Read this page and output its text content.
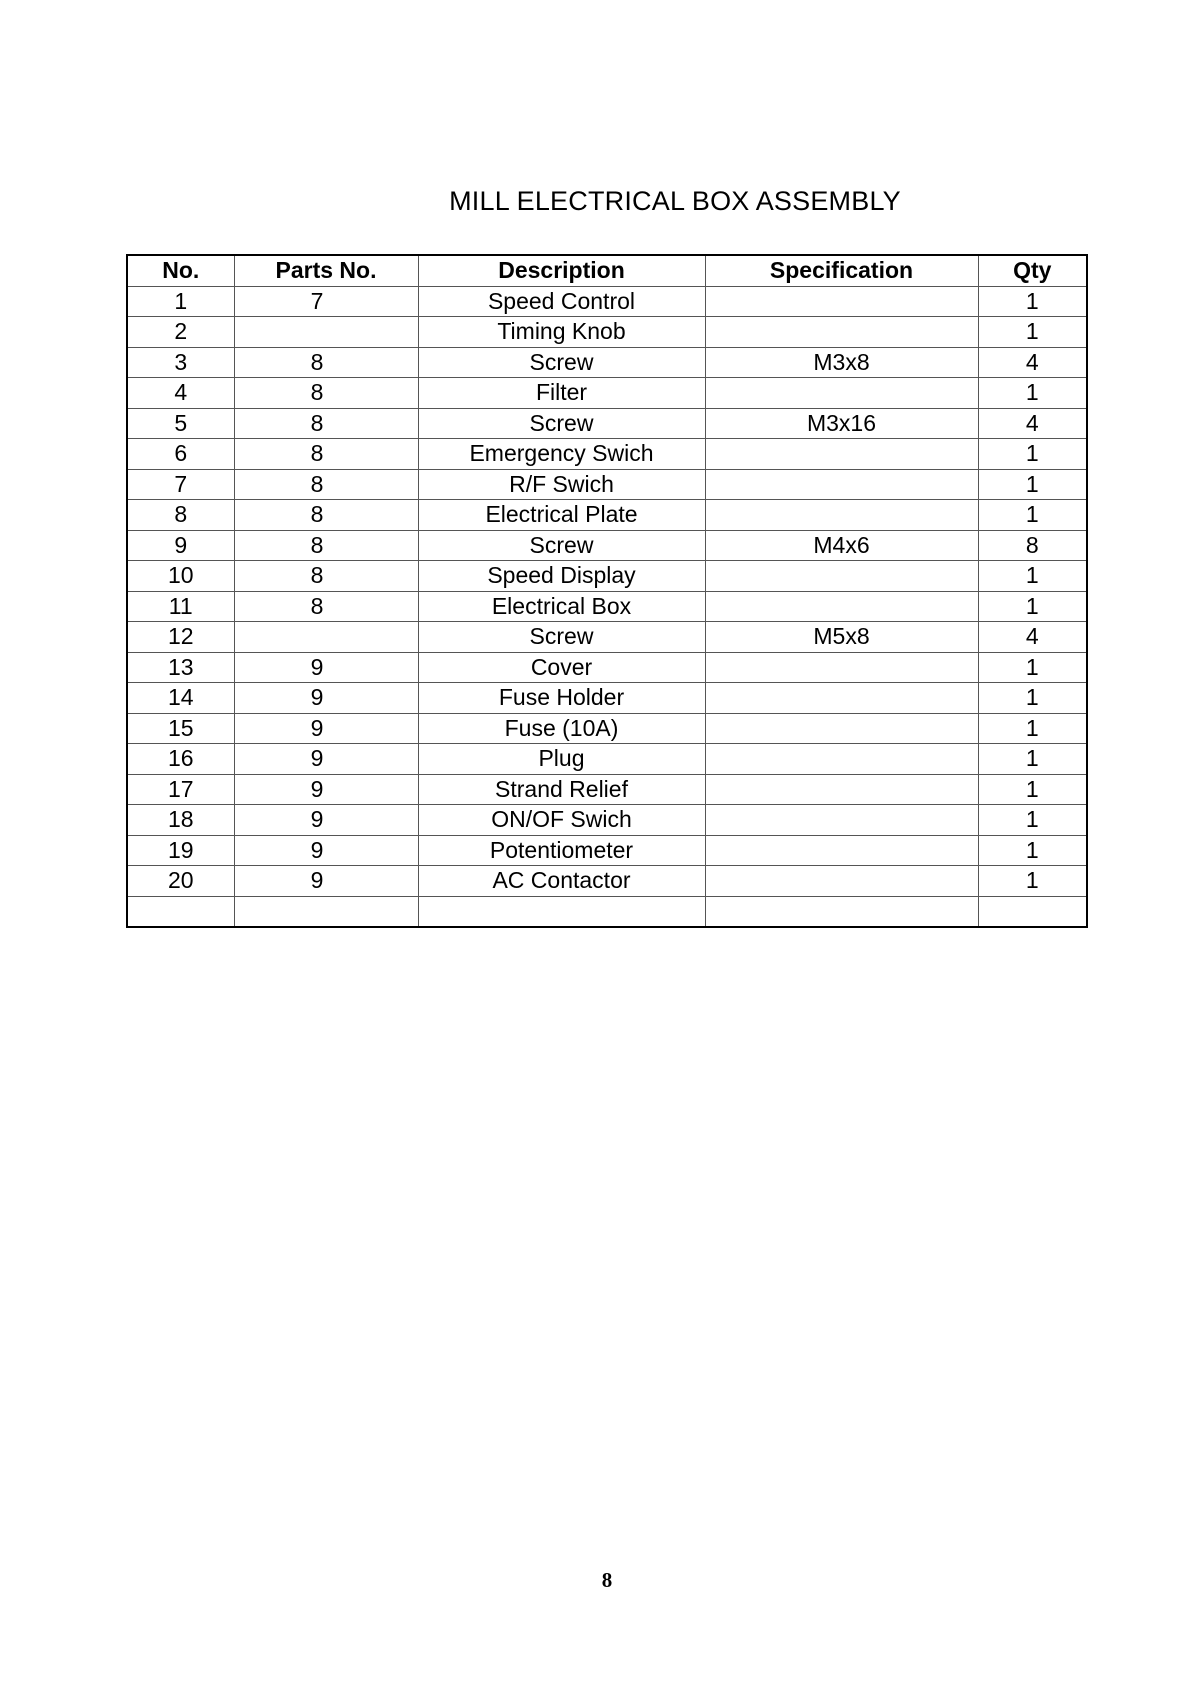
MILL ELECTRICAL BOX ASSEMBLY
No.	Parts No.	Description	Specification	Qty
1	7	Speed Control		1
2		Timing Knob		1
3	8	Screw	M3x8	4
4	8	Filter		1
5	8	Screw	M3x16	4
6	8	Emergency Swich		1
7	8	R/F Swich		1
8	8	Electrical Plate		1
9	8	Screw	M4x6	8
10	8	Speed Display		1
11	8	Electrical Box		1
12		Screw	M5x8	4
13	9	Cover		1
14	9	Fuse Holder		1
15	9	Fuse (10A)		1
16	9	Plug		1
17	9	Strand Relief		1
18	9	ON/OF Swich		1
19	9	Potentiometer		1
20	9	AC Contactor		1

8
